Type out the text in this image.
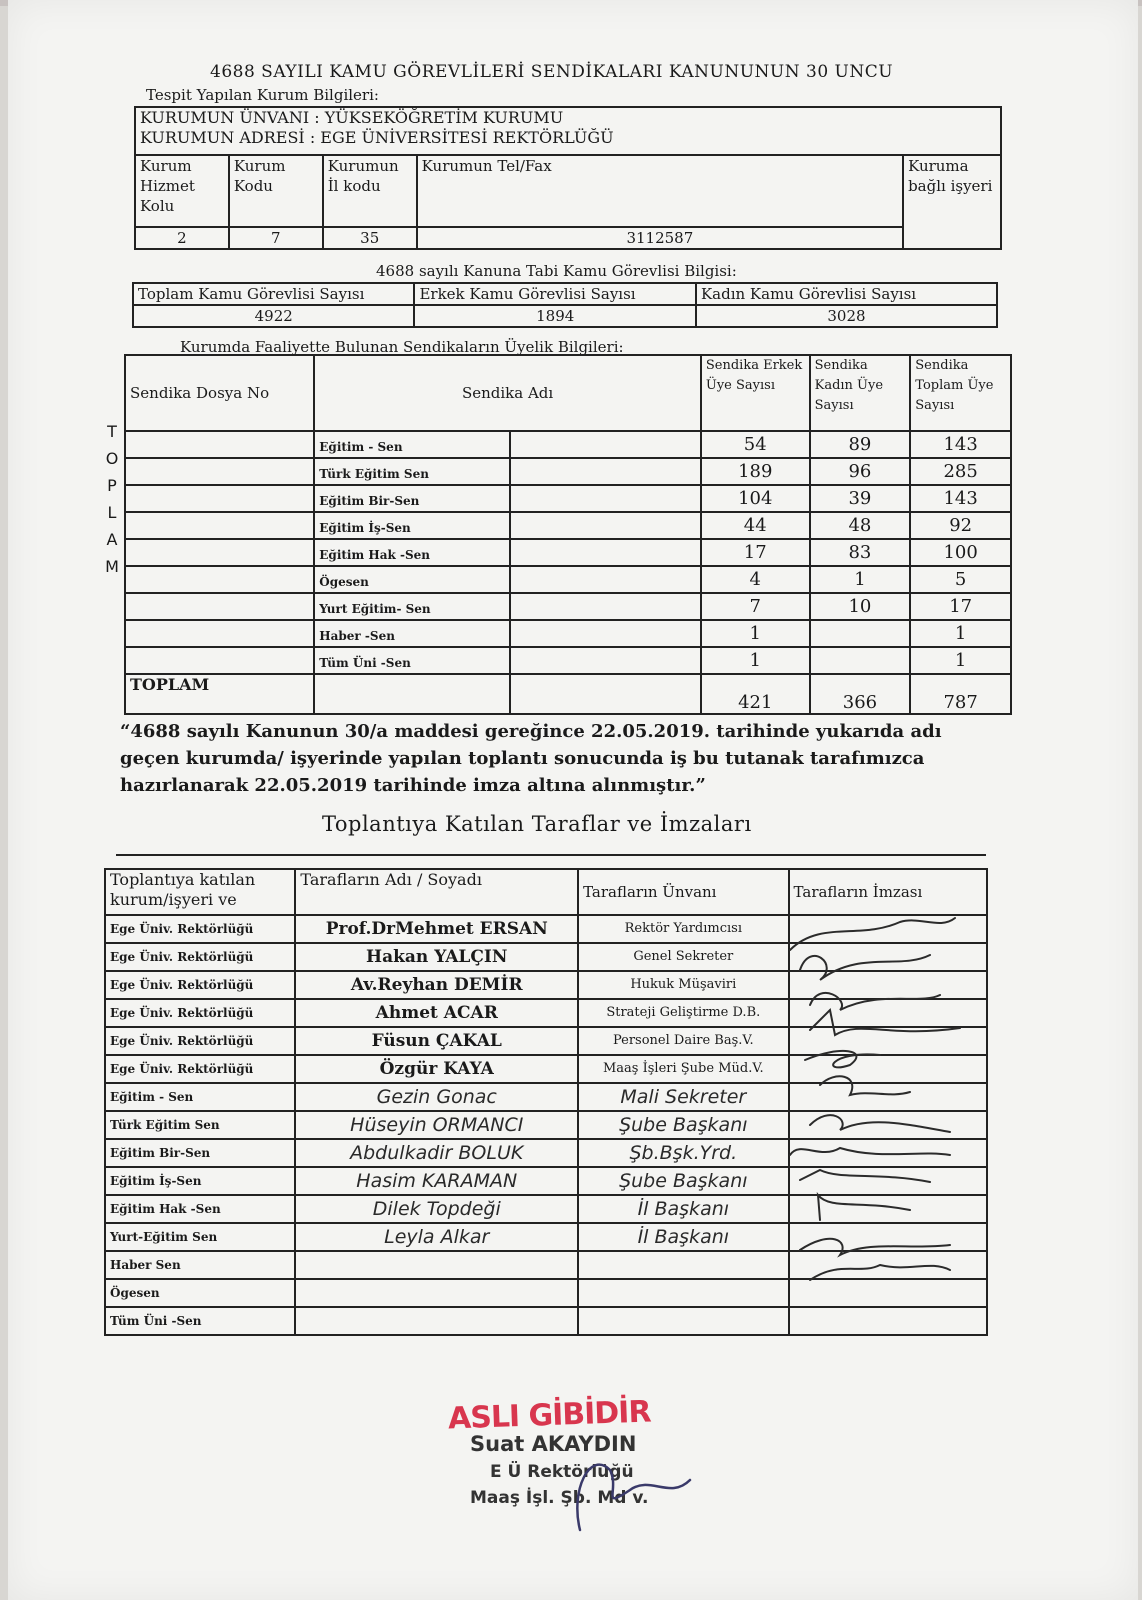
4688 SAYILI KAMU GÖREVLİLERİ SENDİKALARI KANUNUNUN 30 UNCU
Tespit Yapılan Kurum Bilgileri:
KURUMUN ÜNVANI : YÜKSEKÖĞRETİM KURUMU
KURUMUN ADRESİ : EGE ÜNİVERSİTESİ REKTÖRLÜĞÜ				

Kurum Hizmet Kolu	Kurum Kodu	Kurumun İl kodu	Kurumun Tel/Fax	Kuruma bağlı işyeri
2	7	35	3112587	
4688 sayılı Kanuna Tabi Kamu Görevlisi Bilgisi:
Toplam Kamu Görevlisi Sayısı	Erkek Kamu Görevlisi Sayısı	Kadın Kamu Görevlisi Sayısı
4922	1894	3028
Kurumda Faaliyette Bulunan Sendikaların Üyelik Bilgileri:
T
O
P
L
A
M
Sendika Dosya No	Sendika Adı		Sendika Erkek Üye Sayısı	Sendika Kadın Üye Sayısı	Sendika Toplam Üye Sayısı
	Eğitim - Sen		54	89	143
	Türk Eğitim Sen		189	96	285
	Eğitim Bir-Sen		104	39	143
	Eğitim İş-Sen		44	48	92
	Eğitim Hak -Sen		17	83	100
	Ögesen		4	1	5
	Yurt Eğitim- Sen		7	10	17
	Haber -Sen		1		1
	Tüm Üni -Sen		1		1
TOPLAM			421	366	787
“4688 sayılı Kanunun 30/a maddesi gereğince 22.05.2019. tarihinde yukarıda adı geçen kurumda/ işyerinde yapılan toplantı sonucunda iş bu tutanak tarafımızca hazırlanarak 22.05.2019 tarihinde imza altına alınmıştır.”
Toplantıya Katılan Taraflar ve İmzaları
Toplantıya katılan kurum/işyeri ve	Tarafların Adı / Soyadı	Tarafların Ünvanı	Tarafların İmzası
Ege Üniv. Rektörlüğü	Prof.DrMehmet ERSAN	Rektör Yardımcısı	
Ege Üniv. Rektörlüğü	Hakan YALÇIN	Genel Sekreter	
Ege Üniv. Rektörlüğü	Av.Reyhan DEMİR	Hukuk Müşaviri	
Ege Üniv. Rektörlüğü	Ahmet ACAR	Strateji Geliştirme D.B.	
Ege Üniv. Rektörlüğü	Füsun ÇAKAL	Personel Daire Baş.V.	
Ege Üniv. Rektörlüğü	Özgür KAYA	Maaş İşleri Şube Müd.V.	
Eğitim - Sen	Gezin Gonac	Mali Sekreter	
Türk Eğitim Sen	Hüseyin ORMANCI	Şube Başkanı	
Eğitim Bir-Sen	Abdulkadir BOLUK	Şb.Bşk.Yrd.	
Eğitim İş-Sen	Hasim KARAMAN	Şube Başkanı	
Eğitim Hak -Sen	Dilek Topdeği	İl Başkanı	
Yurt-Eğitim Sen	Leyla Alkar	İl Başkanı	
Haber Sen			
Ögesen			
Tüm Üni -Sen			
ASLI GİBİDİR
Suat AKAYDIN
E Ü Rektörlüğü
Maaş İşl. Şb. Md v.
